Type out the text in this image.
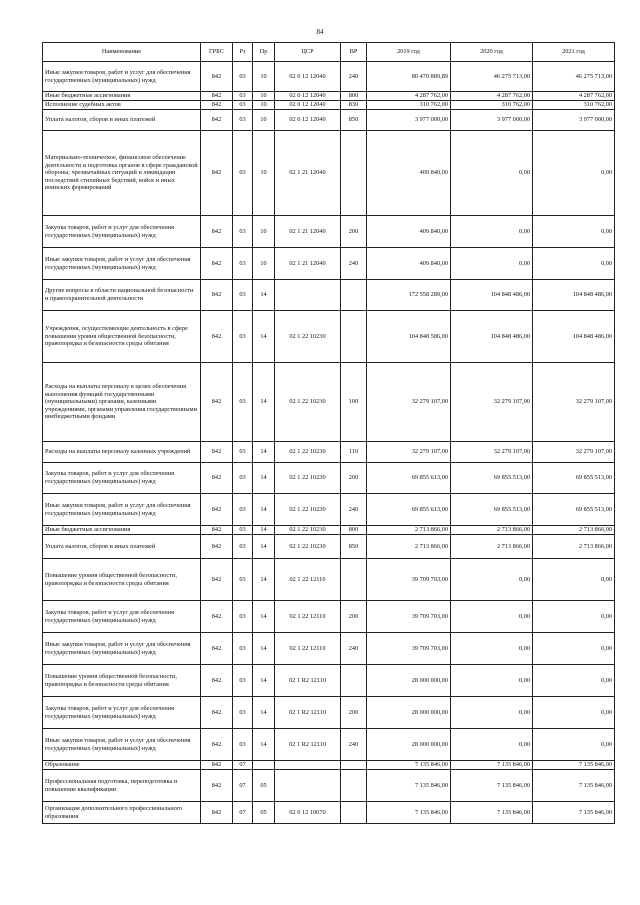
84
Наименование	ГРБС	Рз	Пр	ЦСР	ВР	2019 год	2020 год	2021 год
Иные закупки товаров, работ и услуг для обеспечения государственных (муниципальных) нужд	842	03	10	02 0 12 12040	240	80 470 889,89	46 275 713,00	46 275 713,00
Иные бюджетные ассигнования	842	03	10	02 0 12 12040	800	4 287 762,00	4 287 762,00	4 287 762,00
Исполнение судебных актов	842	03	10	02 0 12 12040	830	310 762,00	310 762,00	310 762,00
Уплата налогов, сборов и иных платежей	842	03	10	02 0 12 12040	850	3 977 000,00	3 977 000,00	3 977 000,00
Материально-техническое, финансовое обеспечение деятельности и подготовка органов в сфере гражданской обороны, чрезвычайных ситуаций и ликвидации последствий стихийных бедствий, войск и иных воинских формирований	842	03	10	02 1 21 12040		409 840,00	0,00	0,00
Закупка товаров, работ и услуг для обеспечения государственных (муниципальных) нужд	842	03	10	02 1 21 12040	200	409 840,00	0,00	0,00
Иные закупки товаров, работ и услуг для обеспечения государственных (муниципальных) нужд	842	03	10	02 1 21 12040	240	409 840,00	0,00	0,00
Другие вопросы в области национальной безопасности и правоохранительной деятельности	842	03	14			172 558 289,00	104 848 486,00	104 848 486,00
Учреждения, осуществляющие деятельность в сфере повышения уровня общественной безопасности, правопорядка и безопасности среды обитания	842	03	14	02 1 22 10230		104 848 586,00	104 848 486,00	104 848 486,00
Расходы на выплаты персоналу в целях обеспечения выполнения функций государственными (муниципальными) органами, казенными учреждениями, органами управления государственными внебюджетными фондами	842	03	14	02 1 22 10230	100	32 279 107,00	32 279 107,00	32 279 107,00
Расходы на выплаты персоналу казенных учреждений	842	03	14	02 1 22 10230	110	32 279 107,00	32 279 107,00	32 279 107,00
Закупка товаров, работ и услуг для обеспечения государственных (муниципальных) нужд	842	03	14	02 1 22 10230	200	69 855 613,00	69 855 513,00	69 855 513,00
Иные закупки товаров, работ и услуг для обеспечения государственных (муниципальных) нужд	842	03	14	02 1 22 10230	240	69 855 613,00	69 855 513,00	69 855 513,00
Иные бюджетные ассигнования	842	03	14	02 1 22 10230	800	2 713 866,00	2 713 866,00	2 713 866,00
Уплата налогов, сборов и иных платежей	842	03	14	02 1 22 10230	850	2 713 866,00	2 713 866,00	2 713 866,00
Повышение уровня общественной безопасности, правопорядка и безопасности среды обитания	842	03	14	02 1 22 12110		39 709 703,00	0,00	0,00
Закупка товаров, работ и услуг для обеспечения государственных (муниципальных) нужд	842	03	14	02 1 22 12110	200	39 709 703,00	0,00	0,00
Иные закупки товаров, работ и услуг для обеспечения государственных (муниципальных) нужд	842	03	14	02 1 22 12110	240	39 709 703,00	0,00	0,00
Повышение уровня общественной безопасности, правопорядка и безопасности среды обитания	842	03	14	02 1 R2 12110		28 000 000,00	0,00	0,00
Закупка товаров, работ и услуг для обеспечения государственных (муниципальных) нужд	842	03	14	02 1 R2 12110	200	28 000 000,00	0,00	0,00
Иные закупки товаров, работ и услуг для обеспечения государственных (муниципальных) нужд	842	03	14	02 1 R2 12110	240	28 000 000,00	0,00	0,00
Образование	842	07				7 135 846,00	7 135 846,00	7 135 846,00
Профессиональная подготовка, переподготовка и повышение квалификации	842	07	05			7 135 846,00	7 135 846,00	7 135 846,00
Организация дополнительного профессионального образования	842	07	05	02 0 12 10670		7 135 846,00	7 135 846,00	7 135 846,00
